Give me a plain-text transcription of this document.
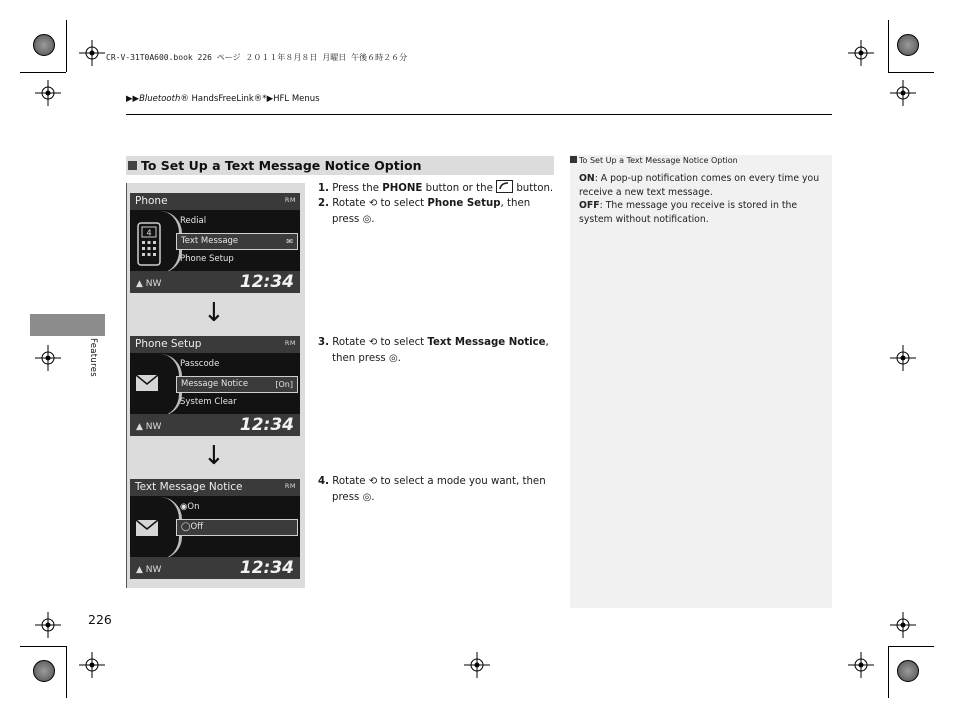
CR-V-31T0A600.book 226 ページ ２０１１年８月８日 月曜日 午後６時２６分
▶▶Bluetooth® HandsFreeLink®*▶HFL Menus
Features
To Set Up a Text Message Notice Option
Phone	RM
4
Redial
Text Message	✉
Phone Setup
▲ NW	12:34
↓
Phone Setup	RM
Passcode
Message Notice	[On]
System Clear
▲ NW	12:34
↓
Text Message Notice	RM
◉On
◯Off
▲ NW	12:34
1. Press the PHONE button or the  button.
2. Rotate ⟲ to select Phone Setup, then
press ◎.
3. Rotate ⟲ to select Text Message Notice,
then press ◎.
4. Rotate ⟲ to select a mode you want, then
press ◎.
To Set Up a Text Message Notice Option
ON: A pop-up notification comes on every time you receive a new text message.
OFF: The message you receive is stored in the system without notification.
226
